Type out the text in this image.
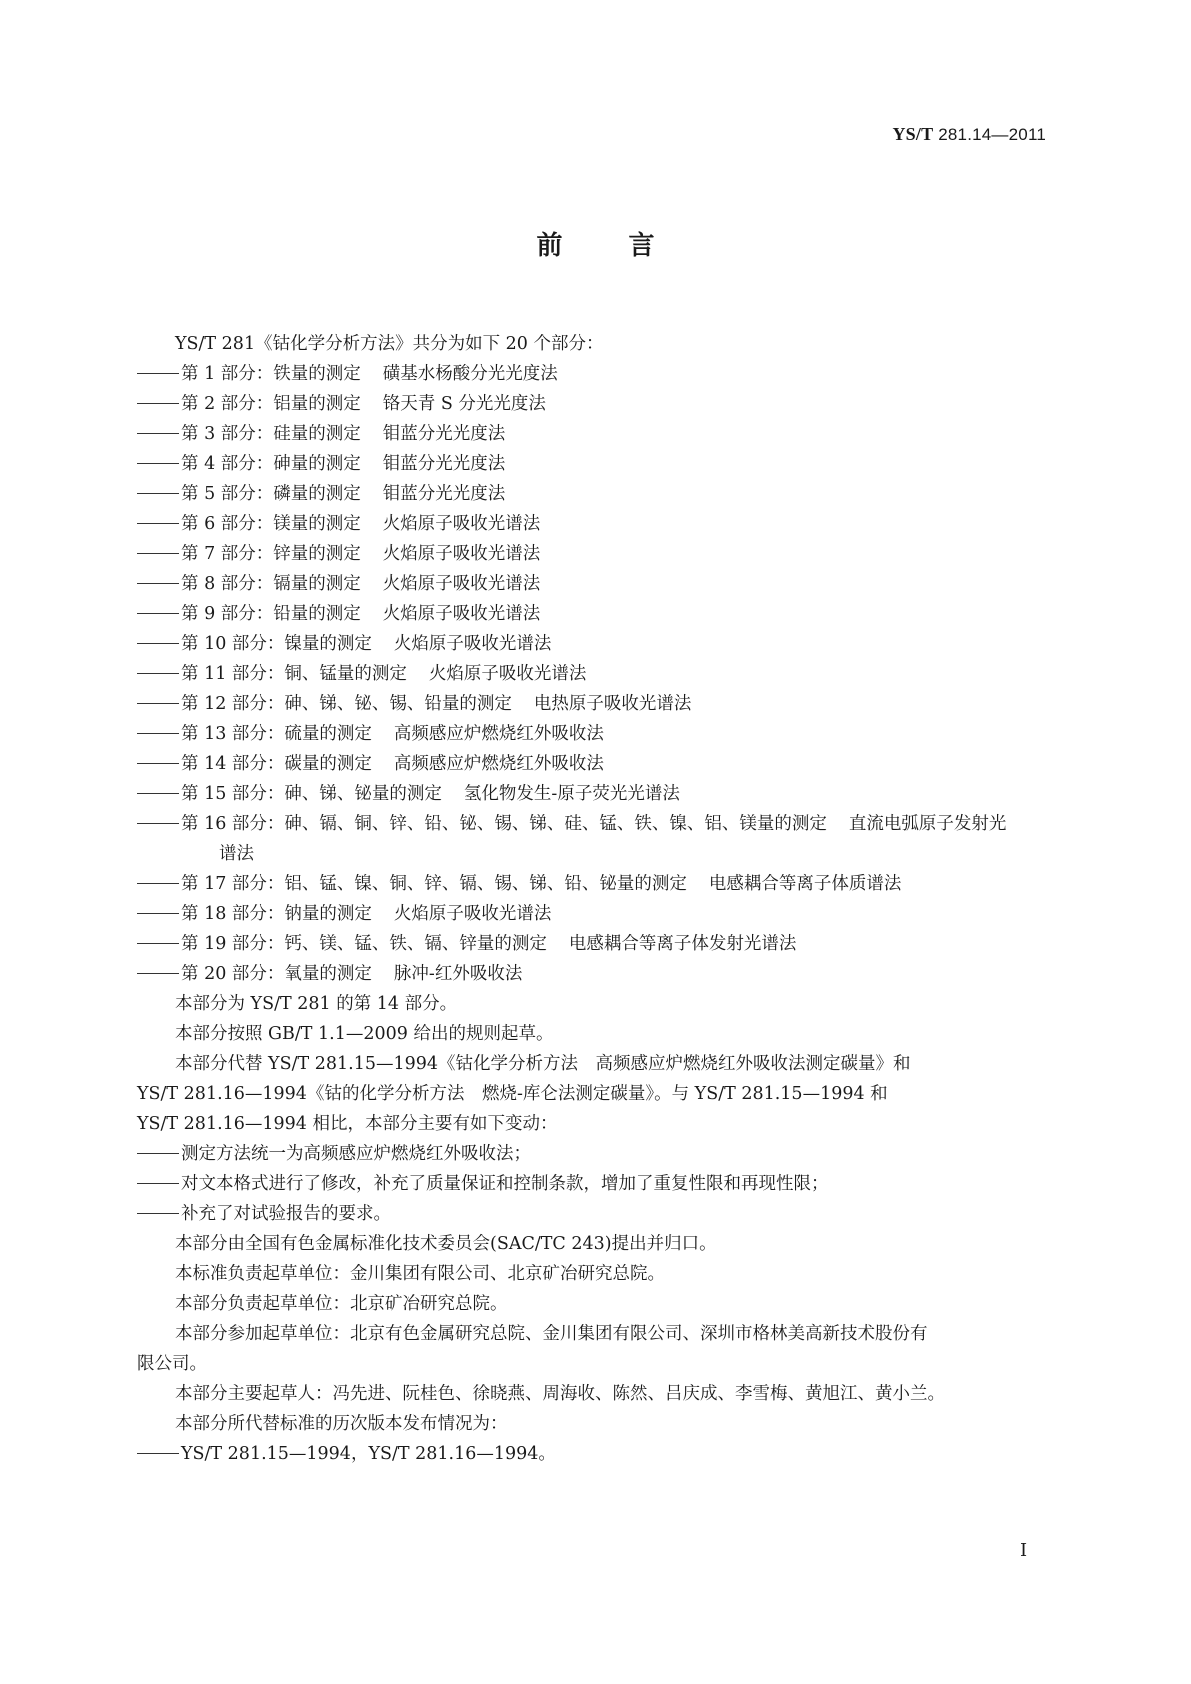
YS/T 281.14—2011
前言
YS/T 281《钴化学分析方法》共分为如下 20 个部分：
第 1 部分：铁量的测定 磺基水杨酸分光光度法
第 2 部分：铝量的测定 铬天青 S 分光光度法
第 3 部分：硅量的测定 钼蓝分光光度法
第 4 部分：砷量的测定 钼蓝分光光度法
第 5 部分：磷量的测定 钼蓝分光光度法
第 6 部分：镁量的测定 火焰原子吸收光谱法
第 7 部分：锌量的测定 火焰原子吸收光谱法
第 8 部分：镉量的测定 火焰原子吸收光谱法
第 9 部分：铅量的测定 火焰原子吸收光谱法
第 10 部分：镍量的测定 火焰原子吸收光谱法
第 11 部分：铜、锰量的测定 火焰原子吸收光谱法
第 12 部分：砷、锑、铋、锡、铅量的测定 电热原子吸收光谱法
第 13 部分：硫量的测定 高频感应炉燃烧红外吸收法
第 14 部分：碳量的测定 高频感应炉燃烧红外吸收法
第 15 部分：砷、锑、铋量的测定 氢化物发生-原子荧光光谱法
第 16 部分：砷、镉、铜、锌、铅、铋、锡、锑、硅、锰、铁、镍、铝、镁量的测定 直流电弧原子发射光
谱法
第 17 部分：铝、锰、镍、铜、锌、镉、锡、锑、铅、铋量的测定 电感耦合等离子体质谱法
第 18 部分：钠量的测定 火焰原子吸收光谱法
第 19 部分：钙、镁、锰、铁、镉、锌量的测定 电感耦合等离子体发射光谱法
第 20 部分：氧量的测定 脉冲-红外吸收法
本部分为 YS/T 281 的第 14 部分。
本部分按照 GB/T 1.1—2009 给出的规则起草。
本部分代替 YS/T 281.15—1994《钴化学分析方法　高频感应炉燃烧红外吸收法测定碳量》和
YS/T 281.16—1994《钴的化学分析方法　燃烧-库仑法测定碳量》。与 YS/T 281.15—1994 和
YS/T 281.16—1994 相比，本部分主要有如下变动：
测定方法统一为高频感应炉燃烧红外吸收法；
对文本格式进行了修改，补充了质量保证和控制条款，增加了重复性限和再现性限；
补充了对试验报告的要求。
本部分由全国有色金属标准化技术委员会(SAC/TC 243)提出并归口。
本标准负责起草单位：金川集团有限公司、北京矿冶研究总院。
本部分负责起草单位：北京矿冶研究总院。
本部分参加起草单位：北京有色金属研究总院、金川集团有限公司、深圳市格林美高新技术股份有
限公司。
本部分主要起草人：冯先进、阮桂色、徐晓燕、周海收、陈然、吕庆成、李雪梅、黄旭江、黄小兰。
本部分所代替标准的历次版本发布情况为：
YS/T 281.15—1994，YS/T 281.16—1994。
I
